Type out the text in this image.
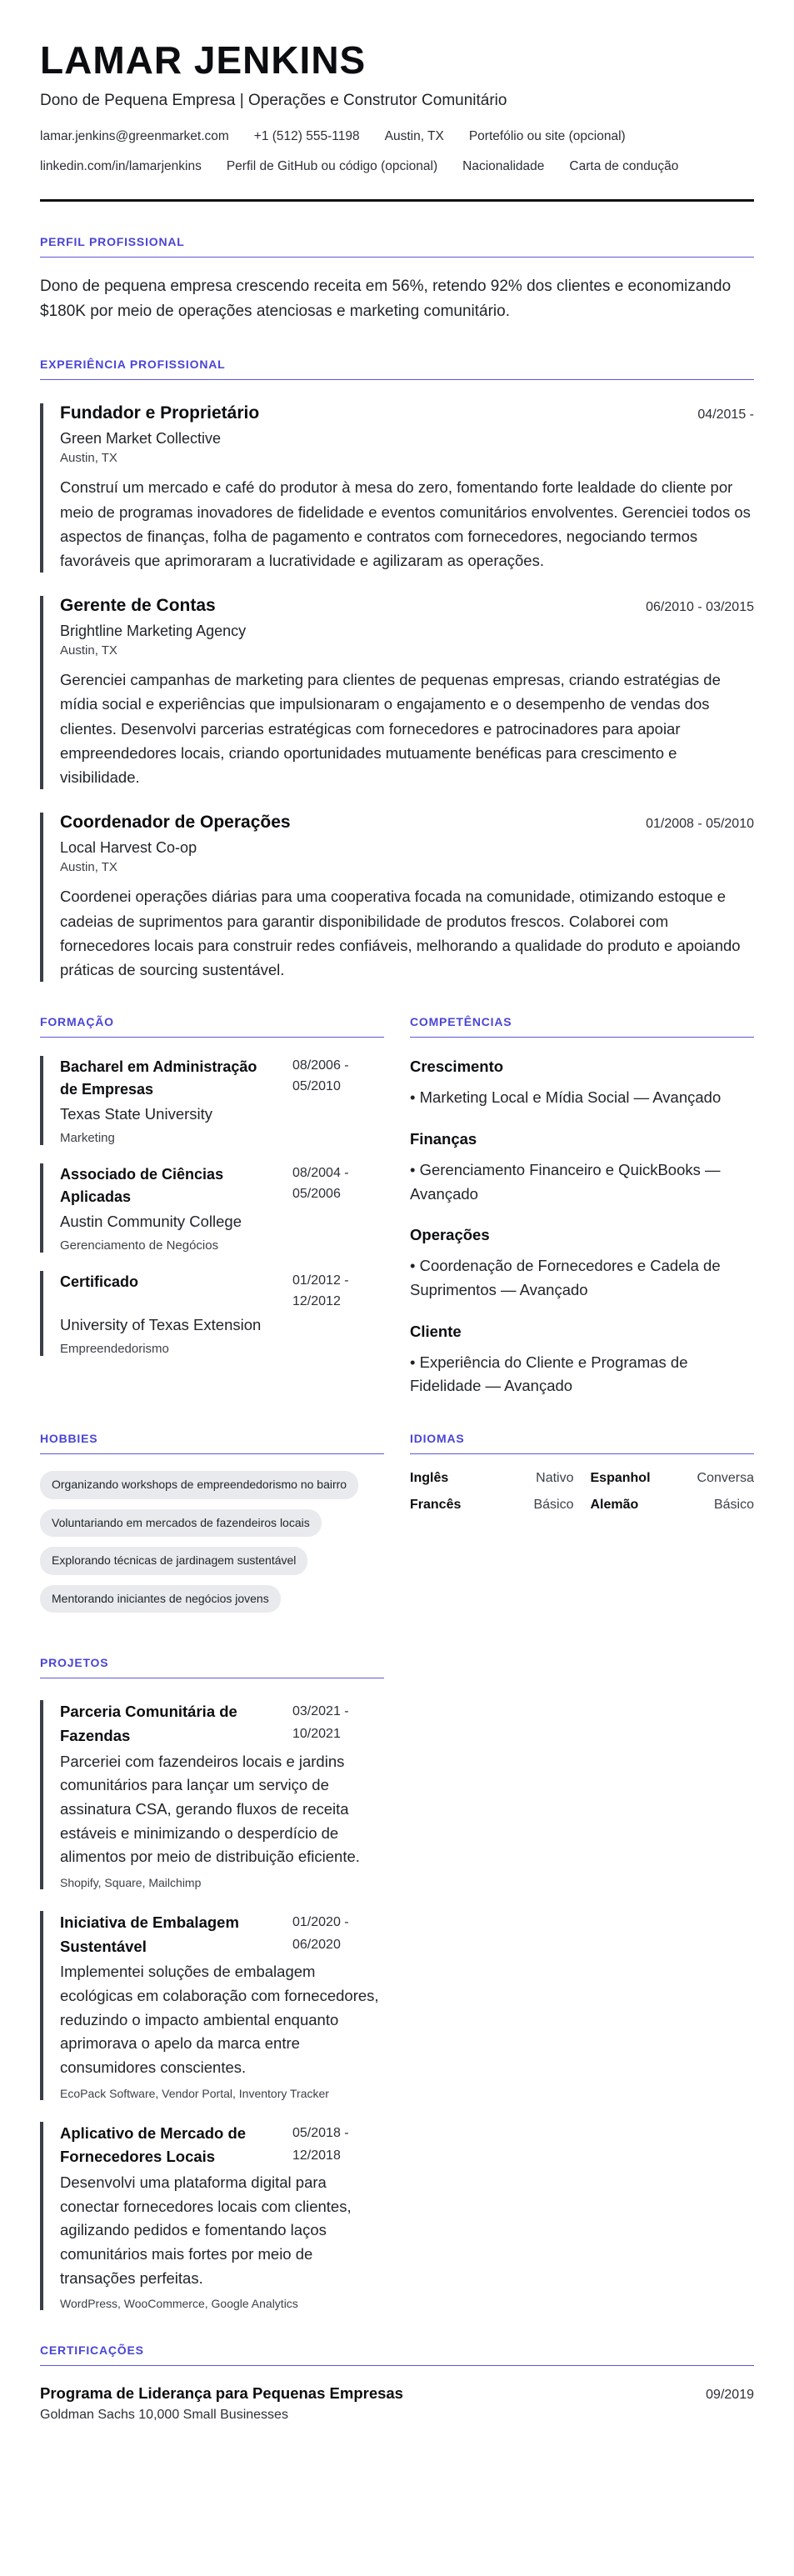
LAMAR JENKINS
Dono de Pequena Empresa | Operações e Construtor Comunitário
lamar.jenkins@greenmarket.com +1 (512) 555-1198 Austin, TX Portefólio ou site (opcional)
linkedin.com/in/lamarjenkins Perfil de GitHub ou código (opcional) Nacionalidade Carta de condução
PERFIL PROFISSIONAL

Dono de pequena empresa crescendo receita em 56%, retendo 92% dos clientes e economizando $180K por meio de operações atenciosas e marketing comunitário.

EXPERIÊNCIA PROFISSIONAL
Fundador e Proprietário	04/2015 -
Green Market Collective
Austin, TX

Construí um mercado e café do produtor à mesa do zero, fomentando forte lealdade do cliente por meio de programas inovadores de fidelidade e eventos comunitários envolventes. Gerenciei todos os aspectos de finanças, folha de pagamento e contratos com fornecedores, negociando termos favoráveis que aprimoraram a lucratividade e agilizaram as operações.

Gerente de Contas	06/2010 - 03/2015
Brightline Marketing Agency
Austin, TX

Gerenciei campanhas de marketing para clientes de pequenas empresas, criando estratégias de mídia social e experiências que impulsionaram o engajamento e o desempenho de vendas dos clientes. Desenvolvi parcerias estratégicas com fornecedores e patrocinadores para apoiar empreendedores locais, criando oportunidades mutuamente benéficas para crescimento e visibilidade.

Coordenador de Operações	01/2008 - 05/2010
Local Harvest Co-op
Austin, TX

Coordenei operações diárias para uma cooperativa focada na comunidade, otimizando estoque e cadeias de suprimentos para garantir disponibilidade de produtos frescos. Colaborei com fornecedores locais para construir redes confiáveis, melhorando a qualidade do produto e apoiando práticas de sourcing sustentável.

FORMAÇÃO
Bacharel em Administração de Empresas
08/2006 - 05/2010
Texas State University
Marketing
Associado de Ciências Aplicadas
08/2004 - 05/2006
Austin Community College
Gerenciamento de Negócios
Certificado	01/2012 - 12/2012
University of Texas Extension
Empreendedorismo
COMPETÊNCIAS
Crescimento
• Marketing Local e Mídia Social — Avançado
Finanças
• Gerenciamento Financeiro e QuickBooks — Avançado
Operações
• Coordenação de Fornecedores e Cadela de Suprimentos — Avançado
Cliente
• Experiência do Cliente e Programas de Fidelidade — Avançado
HOBBIES
Organizando workshops de empreendedorismo no bairro
Voluntariando em mercados de fazendeiros locais
Explorando técnicas de jardinagem sustentável
Mentorando iniciantes de negócios jovens
IDIOMAS
Inglês	Nativo Espanhol	Conversa
Francês	Básico Alemão	Básico
PROJETOS
Parceria Comunitária de Fazendas
03/2021 - 10/2021

Parceriei com fazendeiros locais e jardins comunitários para lançar um serviço de assinatura CSA, gerando fluxos de receita estáveis e minimizando o desperdício de alimentos por meio de distribuição eficiente.

Shopify, Square, Mailchimp
Iniciativa de Embalagem Sustentável
01/2020 - 06/2020

Implementei soluções de embalagem ecológicas em colaboração com fornecedores, reduzindo o impacto ambiental enquanto aprimorava o apelo da marca entre consumidores conscientes.

EcoPack Software, Vendor Portal, Inventory Tracker
Aplicativo de Mercado de Fornecedores Locais
05/2018 - 12/2018

Desenvolvi uma plataforma digital para conectar fornecedores locais com clientes, agilizando pedidos e fomentando laços comunitários mais fortes por meio de transações perfeitas.

WordPress, WooCommerce, Google Analytics
CERTIFICAÇÕES
Programa de Liderança para Pequenas Empresas	09/2019
Goldman Sachs 10,000 Small Businesses
